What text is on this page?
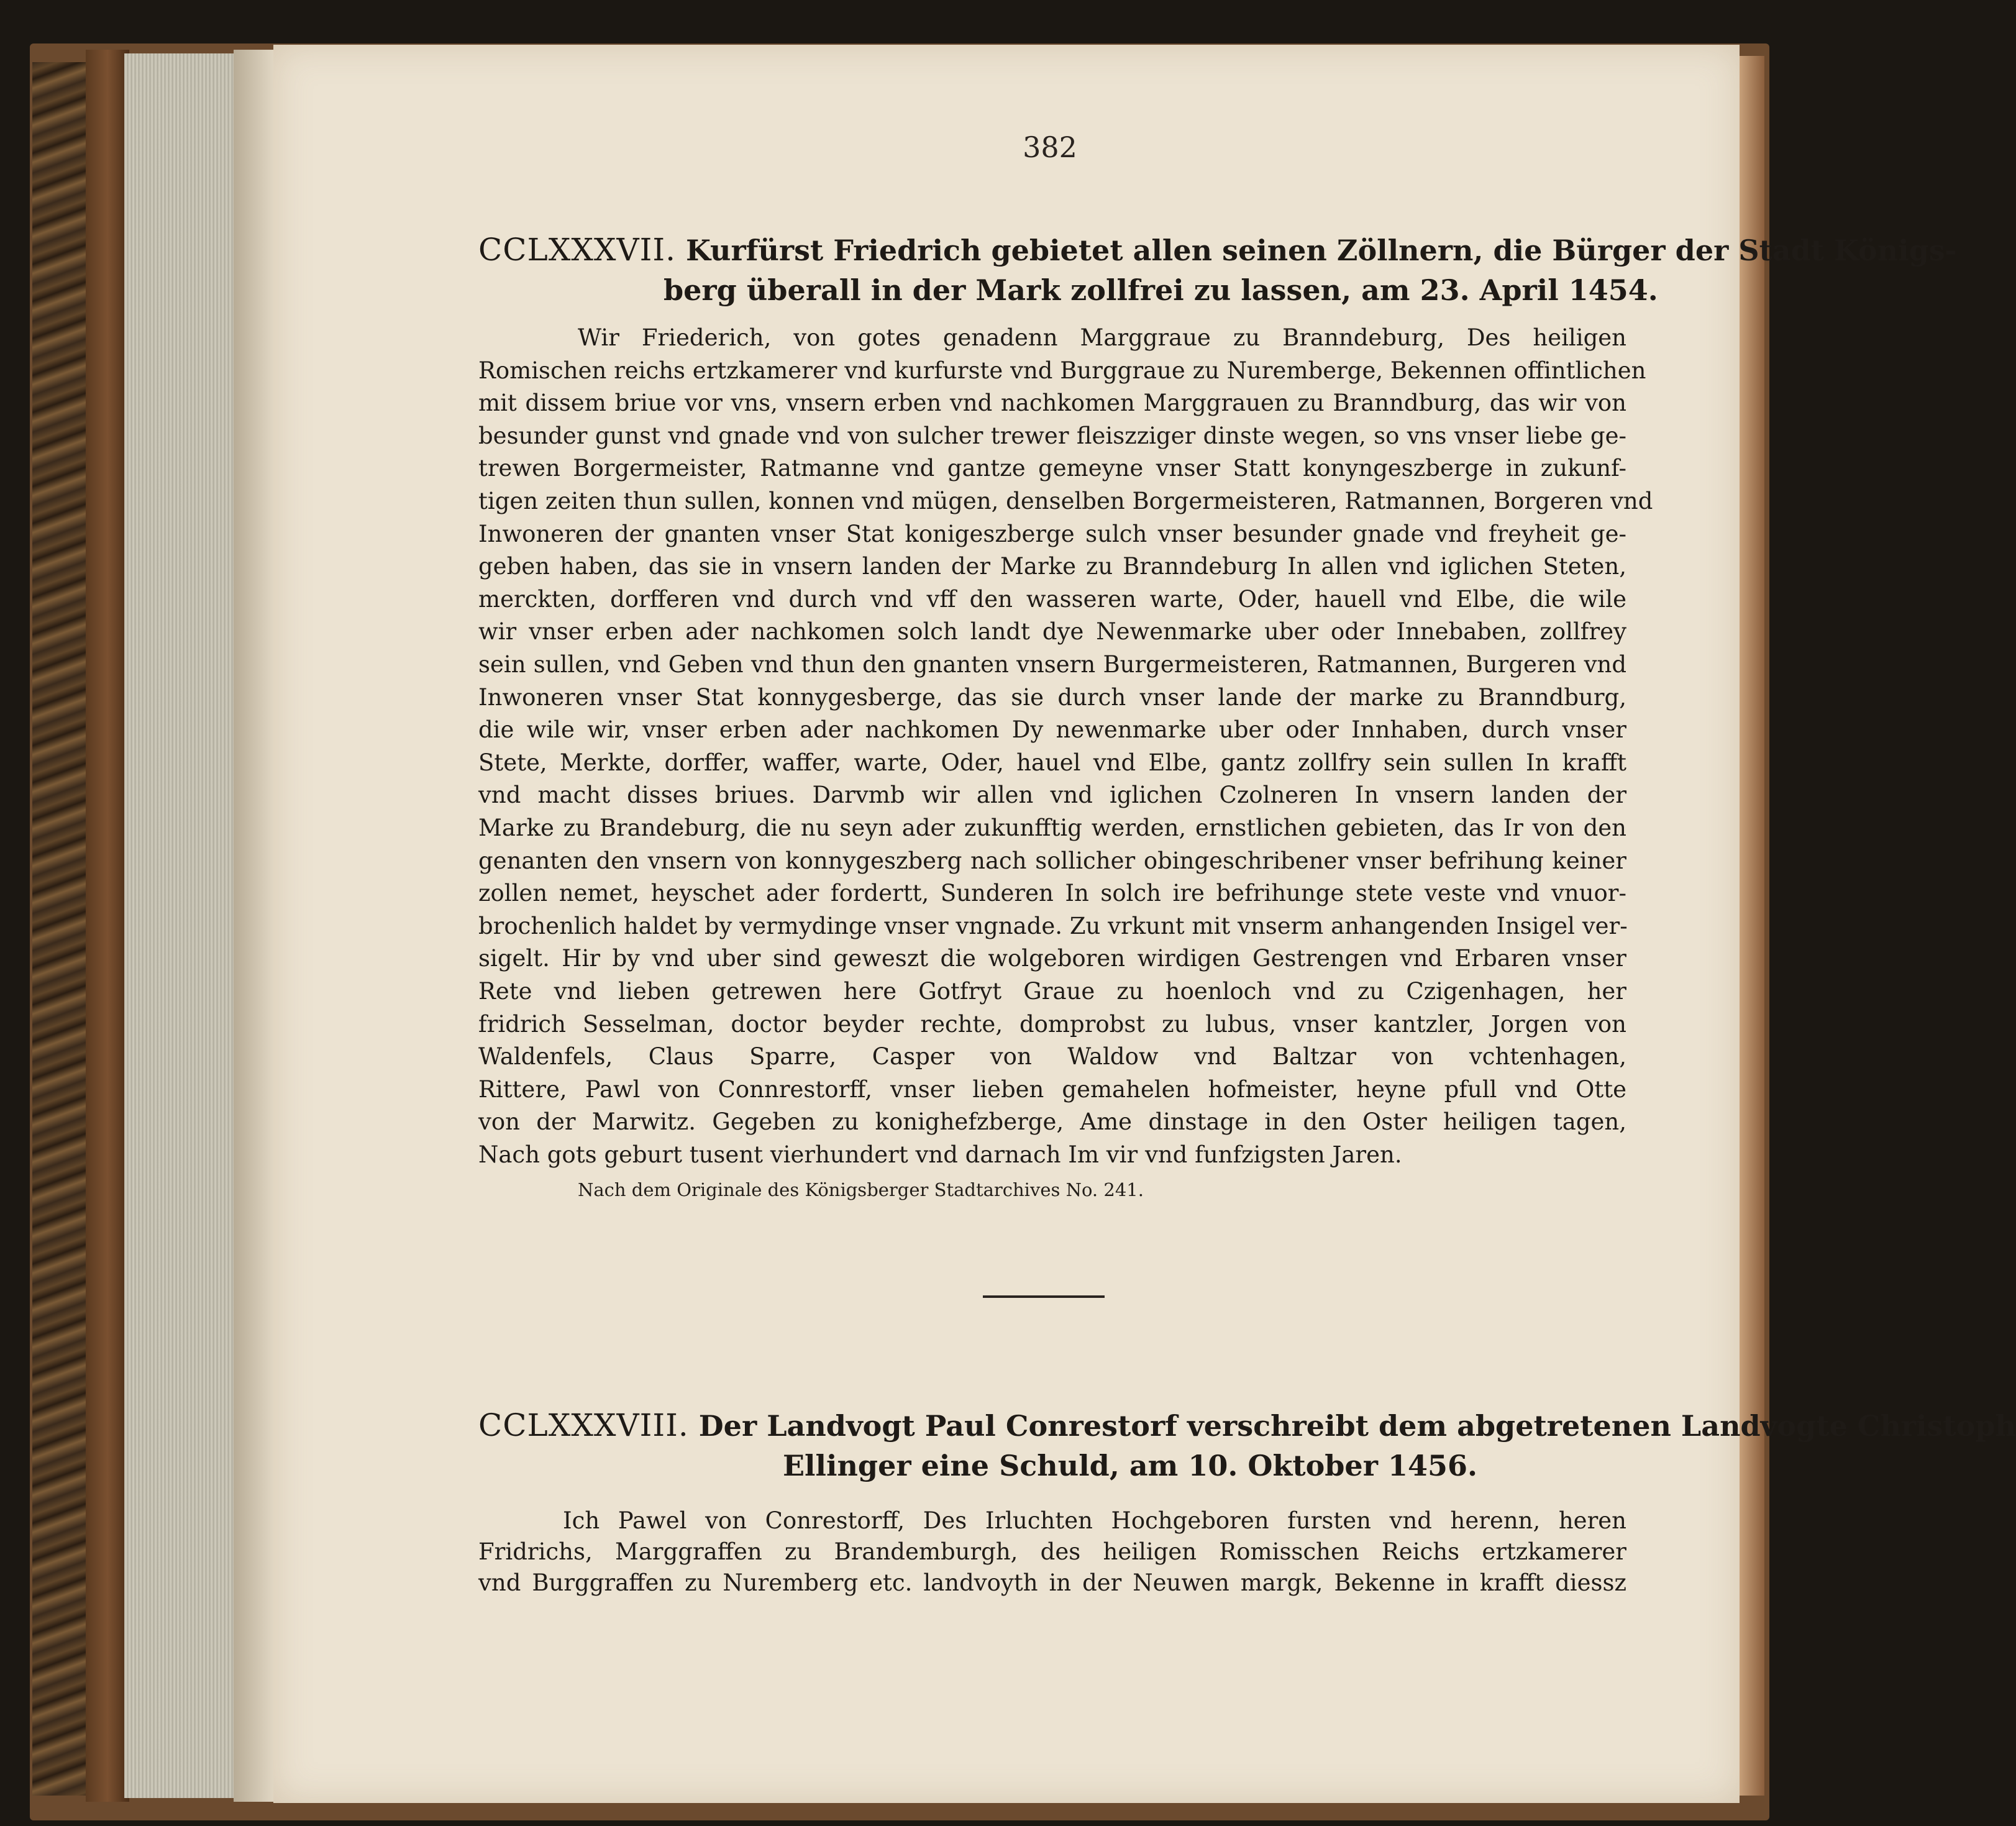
382
CCLXXXVII. Kurfürst Friedrich gebietet allen seinen Zöllnern, die Bürger der Stadt Königs-
berg überall in der Mark zollfrei zu lassen, am 23. April 1454.
Wir Friederich, von gotes genadenn Marggraue zu Branndeburg, Des heiligen
Romischen reichs ertzkamerer vnd kurfurste vnd Burggraue zu Nuremberge, Bekennen offintlichen
mit dissem briue vor vns, vnsern erben vnd nachkomen Marggrauen zu Branndburg, das wir von
besunder gunst vnd gnade vnd von sulcher trewer fleiszziger dinste wegen, so vns vnser liebe ge-
trewen Borgermeister, Ratmanne vnd gantze gemeyne vnser Statt konyngeszberge in zukunf-
tigen zeiten thun sullen, konnen vnd mügen, denselben Borgermeisteren, Ratmannen, Borgeren vnd
Inwoneren der gnanten vnser Stat konigeszberge sulch vnser besunder gnade vnd freyheit ge-
geben haben, das sie in vnsern landen der Marke zu Branndeburg In allen vnd iglichen Steten,
merckten, dorfferen vnd durch vnd vff den wasseren warte, Oder, hauell vnd Elbe, die wile
wir vnser erben ader nachkomen solch landt dye Newenmarke uber oder Innebaben, zollfrey
sein sullen, vnd Geben vnd thun den gnanten vnsern Burgermeisteren, Ratmannen, Burgeren vnd
Inwoneren vnser Stat konnygesberge, das sie durch vnser lande der marke zu Branndburg,
die wile wir, vnser erben ader nachkomen Dy newenmarke uber oder Innhaben, durch vnser
Stete, Merkte, dorffer, waffer, warte, Oder, hauel vnd Elbe, gantz zollfry sein sullen In krafft
vnd macht disses briues. Darvmb wir allen vnd iglichen Czolneren In vnsern landen der
Marke zu Brandeburg, die nu seyn ader zukunfftig werden, ernstlichen gebieten, das Ir von den
genanten den vnsern von konnygeszberg nach sollicher obingeschribener vnser befrihung keiner
zollen nemet, heyschet ader fordertt, Sunderen In solch ire befrihunge stete veste vnd vnuor-
brochenlich haldet by vermydinge vnser vngnade. Zu vrkunt mit vnserm anhangenden Insigel ver-
sigelt. Hir by vnd uber sind geweszt die wolgeboren wirdigen Gestrengen vnd Erbaren vnser
Rete vnd lieben getrewen here Gotfryt Graue zu hoenloch vnd zu Czigenhagen, her
fridrich Sesselman, doctor beyder rechte, domprobst zu lubus, vnser kantzler, Jorgen von
Waldenfels, Claus Sparre, Casper von Waldow vnd Baltzar von vchtenhagen,
Rittere, Pawl von Connrestorff, vnser lieben gemahelen hofmeister, heyne pfull vnd Otte
von der Marwitz. Gegeben zu konighefzberge, Ame dinstage in den Oster heiligen tagen,
Nach gots geburt tusent vierhundert vnd darnach Im vir vnd funfzigsten Jaren.
Nach dem Originale des Königsberger Stadtarchives No. 241.
CCLXXXVIII. Der Landvogt Paul Conrestorf verschreibt dem abgetretenen Landvogte Christoph
Ellinger eine Schuld, am 10. Oktober 1456.
Ich Pawel von Conrestorff, Des Irluchten Hochgeboren fursten vnd herenn, heren
Fridrichs, Marggraffen zu Brandemburgh, des heiligen Romisschen Reichs ertzkamerer
vnd Burggraffen zu Nuremberg etc. landvoyth in der Neuwen margk, Bekenne in krafft diessz
